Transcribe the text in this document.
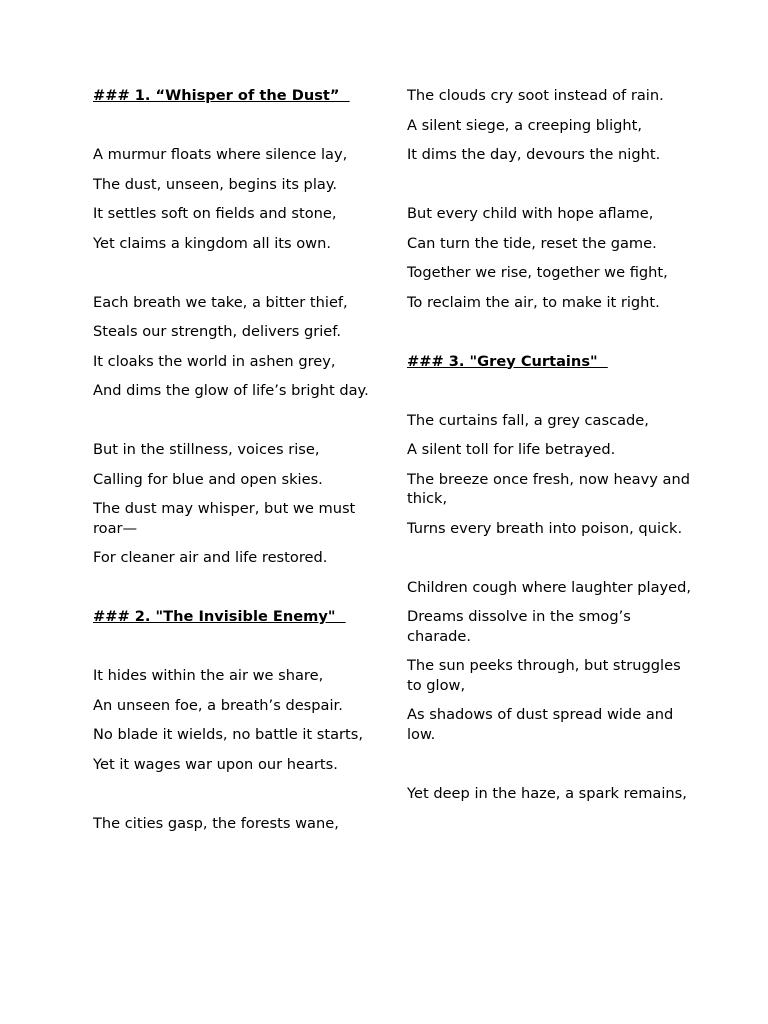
### 1. “Whisper of the Dust”
A murmur floats where silence lay,
The dust, unseen, begins its play.
It settles soft on fields and stone,
Yet claims a kingdom all its own.
Each breath we take, a bitter thief,
Steals our strength, delivers grief.
It cloaks the world in ashen grey,
And dims the glow of life’s bright day.
But in the stillness, voices rise,
Calling for blue and open skies.
The dust may whisper, but we must roar—
For cleaner air and life restored.
### 2. "The Invisible Enemy"
It hides within the air we share,
An unseen foe, a breath’s despair.
No blade it wields, no battle it starts,
Yet it wages war upon our hearts.
The cities gasp, the forests wane,
The clouds cry soot instead of rain.
A silent siege, a creeping blight,
It dims the day, devours the night.
But every child with hope aflame,
Can turn the tide, reset the game.
Together we rise, together we fight,
To reclaim the air, to make it right.
### 3. "Grey Curtains"
The curtains fall, a grey cascade,
A silent toll for life betrayed.
The breeze once fresh, now heavy and thick,
Turns every breath into poison, quick.
Children cough where laughter played,
Dreams dissolve in the smog’s charade.
The sun peeks through, but struggles to glow,
As shadows of dust spread wide and low.
Yet deep in the haze, a spark remains,
